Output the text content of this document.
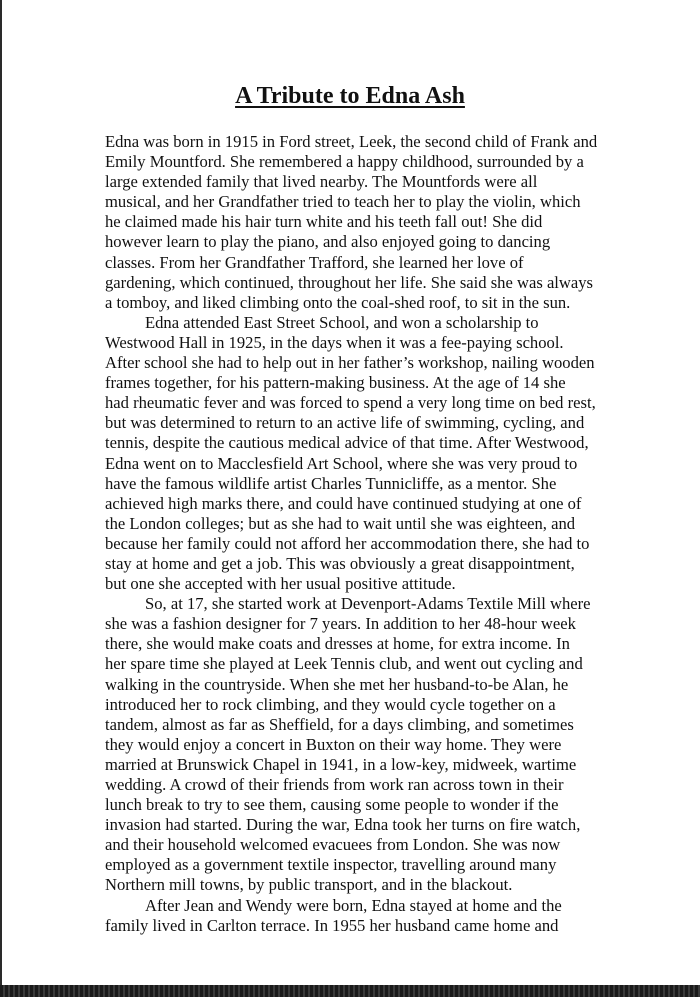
A Tribute to Edna Ash
Edna was born in 1915 in Ford street, Leek, the second child of Frank and
Emily Mountford. She remembered a happy childhood, surrounded by a
large extended family that lived nearby. The Mountfords were all
musical, and her Grandfather tried to teach her to play the violin, which
he claimed made his hair turn white and his teeth fall out! She did
however learn to play the piano, and also enjoyed going to dancing
classes. From her Grandfather Trafford, she learned her love of
gardening, which continued, throughout her life. She said she was always
a tomboy, and liked climbing onto the coal-shed roof, to sit in the sun.
Edna attended East Street School, and won a scholarship to
Westwood Hall in 1925, in the days when it was a fee-paying school.
After school she had to help out in her father’s workshop, nailing wooden
frames together, for his pattern-making business. At the age of 14 she
had rheumatic fever and was forced to spend a very long time on bed rest,
but was determined to return to an active life of swimming, cycling, and
tennis, despite the cautious medical advice of that time. After Westwood,
Edna went on to Macclesfield Art School, where she was very proud to
have the famous wildlife artist Charles Tunnicliffe, as a mentor. She
achieved high marks there, and could have continued studying at one of
the London colleges; but as she had to wait until she was eighteen, and
because her family could not afford her accommodation there, she had to
stay at home and get a job. This was obviously a great disappointment,
but one she accepted with her usual positive attitude.
So, at 17, she started work at Devenport-Adams Textile Mill where
she was a fashion designer for 7 years. In addition to her 48-hour week
there, she would make coats and dresses at home, for extra income. In
her spare time she played at Leek Tennis club, and went out cycling and
walking in the countryside. When she met her husband-to-be Alan, he
introduced her to rock climbing, and they would cycle together on a
tandem, almost as far as Sheffield, for a days climbing, and sometimes
they would enjoy a concert in Buxton on their way home. They were
married at Brunswick Chapel in 1941, in a low-key, midweek, wartime
wedding. A crowd of their friends from work ran across town in their
lunch break to try to see them, causing some people to wonder if the
invasion had started. During the war, Edna took her turns on fire watch,
and their household welcomed evacuees from London. She was now
employed as a government textile inspector, travelling around many
Northern mill towns, by public transport, and in the blackout.
After Jean and Wendy were born, Edna stayed at home and the
family lived in Carlton terrace. In 1955 her husband came home and
